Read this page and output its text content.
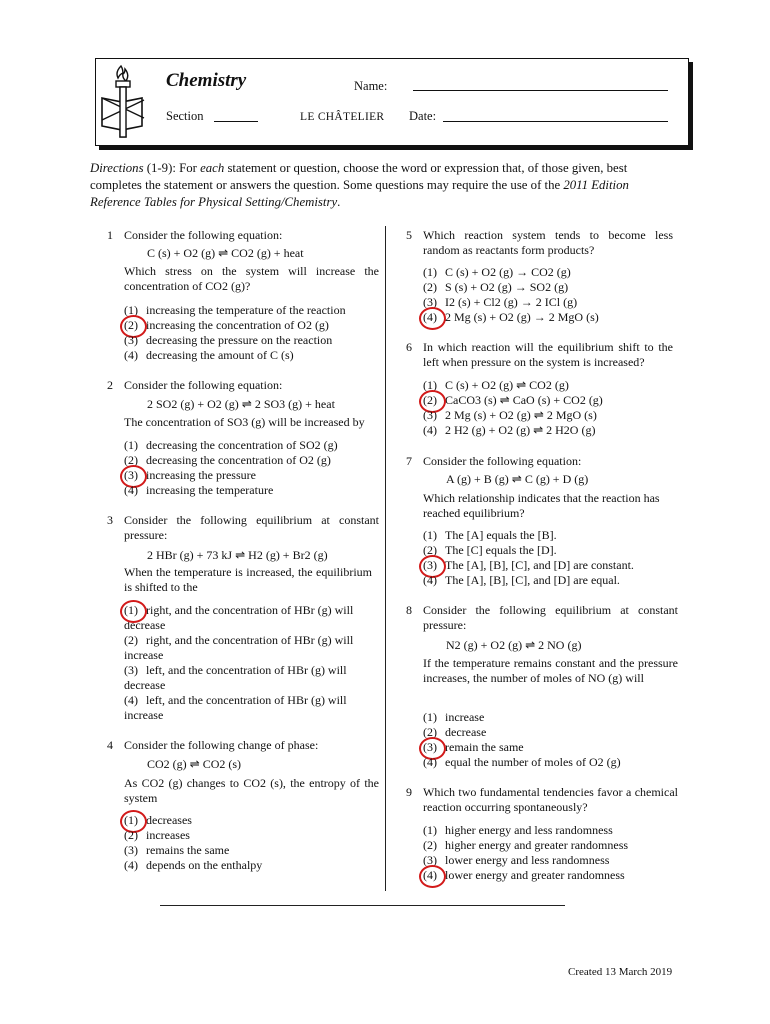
Chemistry	Name:
Section	LE CHÂTELIER Date:
Directions (1-9): For each statement or question, choose the word or expression that, of those given, best completes the statement or answers the question. Some questions may require the use of the 2011 Edition Reference Tables for Physical Setting/Chemistry.
1 Consider the following equation:
C (s) + O2 (g) ⇌ CO2 (g) + heat
Which stress on the system will increase the concentration of CO2 (g)?
(1) increasing the temperature of the reaction
(2) increasing the concentration of O2 (g)
(3) decreasing the pressure on the reaction
(4) decreasing the amount of C (s)
2 Consider the following equation:
2 SO2 (g) + O2 (g) ⇌ 2 SO3 (g) + heat
The concentration of SO3 (g) will be increased by
(1) decreasing the concentration of SO2 (g)
(2) decreasing the concentration of O2 (g)
(3) increasing the pressure
(4) increasing the temperature
3 Consider the following equilibrium at constant pressure:
2 HBr (g) + 73 kJ ⇌ H2 (g) + Br2 (g)
When the temperature is increased, the equilibrium is shifted to the
(1) right, and the concentration of HBr (g) will decrease
(2) right, and the concentration of HBr (g) will increase
(3) left, and the concentration of HBr (g) will decrease
(4) left, and the concentration of HBr (g) will increase
4 Consider the following change of phase:
CO2 (g) ⇌ CO2 (s)
As CO2 (g) changes to CO2 (s), the entropy of the system
(1) decreases
(2) increases
(3) remains the same
(4) depends on the enthalpy
5 Which reaction system tends to become less random as reactants form products?
(1) C (s) + O2 (g) → CO2 (g)
(2) S (s) + O2 (g) → SO2 (g)
(3) I2 (s) + Cl2 (g) → 2 ICl (g)
(4) 2 Mg (s) + O2 (g) → 2 MgO (s)
6 In which reaction will the equilibrium shift to the left when pressure on the system is increased?
(1) C (s) + O2 (g) ⇌ CO2 (g)
(2) CaCO3 (s) ⇌ CaO (s) + CO2 (g)
(3) 2 Mg (s) + O2 (g) ⇌ 2 MgO (s)
(4) 2 H2 (g) + O2 (g) ⇌ 2 H2O (g)
7 Consider the following equation:
A (g) + B (g) ⇌ C (g) + D (g)
Which relationship indicates that the reaction has reached equilibrium?
(1) The [A] equals the [B].
(2) The [C] equals the [D].
(3) The [A], [B], [C], and [D] are constant.
(4) The [A], [B], [C], and [D] are equal.
8 Consider the following equilibrium at constant pressure:
N2 (g) + O2 (g) ⇌ 2 NO (g)
If the temperature remains constant and the pressure increases, the number of moles of NO (g) will
(1) increase
(2) decrease
(3) remain the same
(4) equal the number of moles of O2 (g)
9 Which two fundamental tendencies favor a chemical reaction occurring spontaneously?
(1) higher energy and less randomness
(2) higher energy and greater randomness
(3) lower energy and less randomness
(4) lower energy and greater randomness
Created 13 March 2019
